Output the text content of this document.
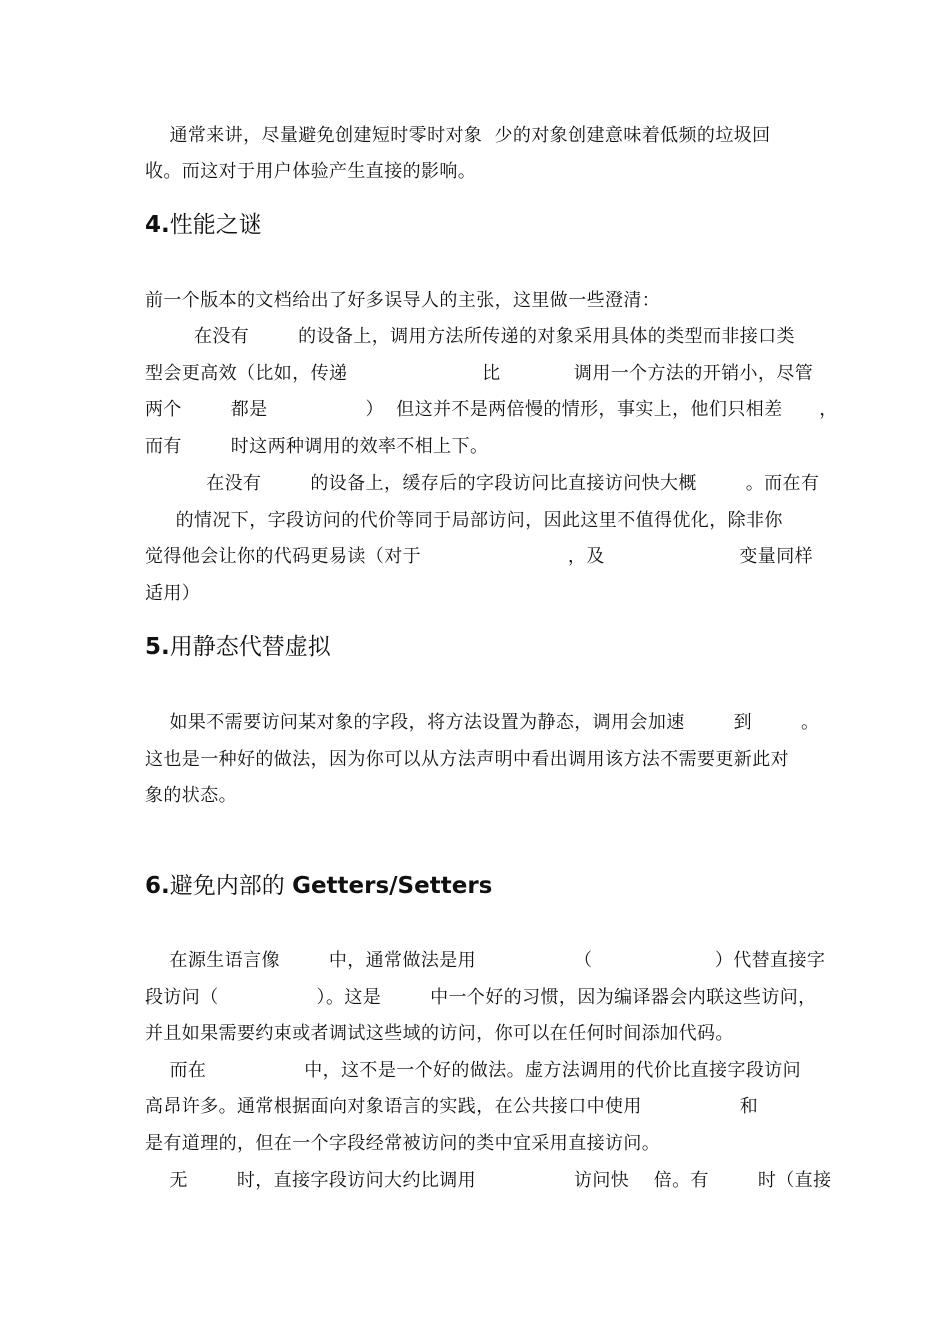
通常来讲，尽量避免创建短时零时对象  少的对象创建意味着低频的垃圾回
收。而这对于用户体验产生直接的影响。
4.性能之谜
前一个版本的文档给出了好多误导人的主张，这里做一些澄清：
在没有        的设备上，调用方法所传递的对象采用具体的类型而非接口类
型会更高效（比如，传递                      比            调用一个方法的开销小，尽管
两个        都是                ）  但这并不是两倍慢的情形，事实上，他们只相差      ，
而有        时这两种调用的效率不相上下。
在没有        的设备上，缓存后的字段访问比直接访问快大概        。而在有
的情况下，字段访问的代价等同于局部访问，因此这里不值得优化，除非你
觉得他会让你的代码更易读（对于                        ，及                      变量同样
适用）
5.用静态代替虚拟
如果不需要访问某对象的字段，将方法设置为静态，调用会加速        到        。
这也是一种好的做法，因为你可以从方法声明中看出调用该方法不需要更新此对
象的状态。
6.避免内部的 Getters/Setters
在源生语言像        中，通常做法是用                （                    ）代替直接字
段访问（                ）。这是        中一个好的习惯，因为编译器会内联这些访问，
并且如果需要约束或者调试这些域的访问，你可以在任何时间添加代码。
而在                中，这不是一个好的做法。虚方法调用的代价比直接字段访问
高昂许多。通常根据面向对象语言的实践，在公共接口中使用                和
是有道理的，但在一个字段经常被访问的类中宜采用直接访问。
无        时，直接字段访问大约比调用                访问快    倍。有        时（直接
